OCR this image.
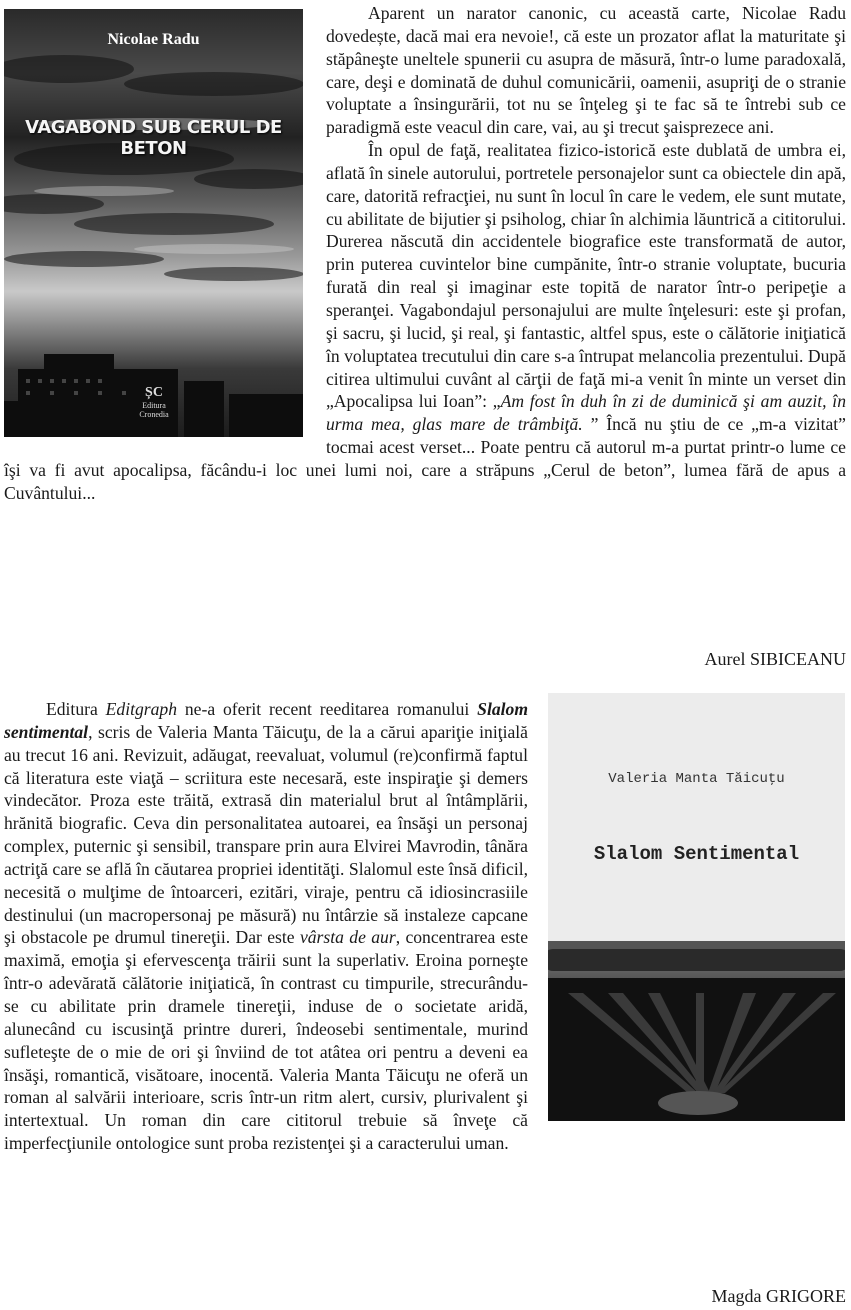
Nicolae Radu
VAGABOND SUB CERUL DE BETON
ȘC
Editura Cronedia

Aparent un narator canonic, cu această carte, Nicolae Radu dovedește, dacă mai era nevoie!, că este un prozator aflat la maturitate şi stăpâneşte uneltele spunerii cu asupra de măsură, într-o lume paradoxală, care, deşi e dominată de duhul comunicării, oamenii, asupriţi de o stranie voluptate a însingurării, tot nu se înţeleg şi te fac să te întrebi sub ce paradigmă este veacul din care, vai, au şi trecut şaisprezece ani.

În opul de faţă, realitatea fizico-istorică este dublată de umbra ei, aflată în sinele autorului, portretele personajelor sunt ca obiectele din apă, care, datorită refracţiei, nu sunt în locul în care le vedem, ele sunt mutate, cu abilitate de bijutier şi psiholog, chiar în alchimia lăuntrică a cititorului. Durerea născută din accidentele biografice este transformată de autor, prin puterea cuvintelor bine cumpănite, într-o stranie voluptate, bucuria furată din real şi imaginar este topită de narator într-o peripeţie a speranţei. Vagabondajul personajului are multe înţelesuri: este şi profan, şi sacru, şi lucid, şi real, şi fantastic, altfel spus, este o călătorie iniţiatică în voluptatea trecutului din care s-a întrupat melancolia prezentului. După citirea ultimului cuvânt al cărţii de faţă mi-a venit în minte un verset din „Apocalipsa lui Ioan”: „Am fost în duh în zi de duminică şi am auzit, în urma mea, glas mare de trâmbiţă. ” Încă nu ştiu de ce „m-a vizitat” tocmai acest verset... Poate pentru că autorul m-a purtat printr-o lume ce îşi va fi avut apocalipsa, făcându-i loc unei lumi noi, care a străpuns „Cerul de beton”, lumea fără de apus a Cuvântului...

Aurel SIBICEANU
Valeria Manta Tăicuţu
Slalom Sentimental

Editura Editgraph ne-a oferit recent reeditarea romanului Slalom sentimental, scris de Valeria Manta Tăicuţu, de la a cărui apariţie iniţială au trecut 16 ani. Revizuit, adăugat, reevaluat, volumul (re)confirmă faptul că literatura este viaţă – scriitura este necesară, este inspiraţie şi demers vindecător. Proza este trăită, extrasă din materialul brut al întâmplării, hrănită biografic. Ceva din personalitatea autoarei, ea însăşi un personaj complex, puternic şi sensibil, transpare prin aura Elvirei Mavrodin, tânăra actriţă care se află în căutarea propriei identităţi. Slalomul este însă dificil, necesită o mulţime de întoarceri, ezitări, viraje, pentru că idiosincrasiile destinului (un macropersonaj pe măsură) nu întârzie să instaleze capcane şi obstacole pe drumul tinereţii. Dar este vârsta de aur, concentrarea este maximă, emoţia şi efervescenţa trăirii sunt la superlativ. Eroina porneşte într-o adevărată călătorie iniţiatică, în contrast cu timpurile, strecurându-se cu abilitate prin dramele tinereţii, induse de o societate aridă, alunecând cu iscusinţă printre dureri, îndeosebi sentimentale, murind sufleteşte de o mie de ori şi înviind de tot atâtea ori pentru a deveni ea însăşi, romantică, visătoare, inocentă. Valeria Manta Tăicuţu ne oferă un roman al salvării interioare, scris într-un ritm alert, cursiv, plurivalent şi intertextual. Un roman din care cititorul trebuie să înveţe că imperfecţiunile ontologice sunt proba rezistenţei şi a caracterului uman.

Magda GRIGORE
